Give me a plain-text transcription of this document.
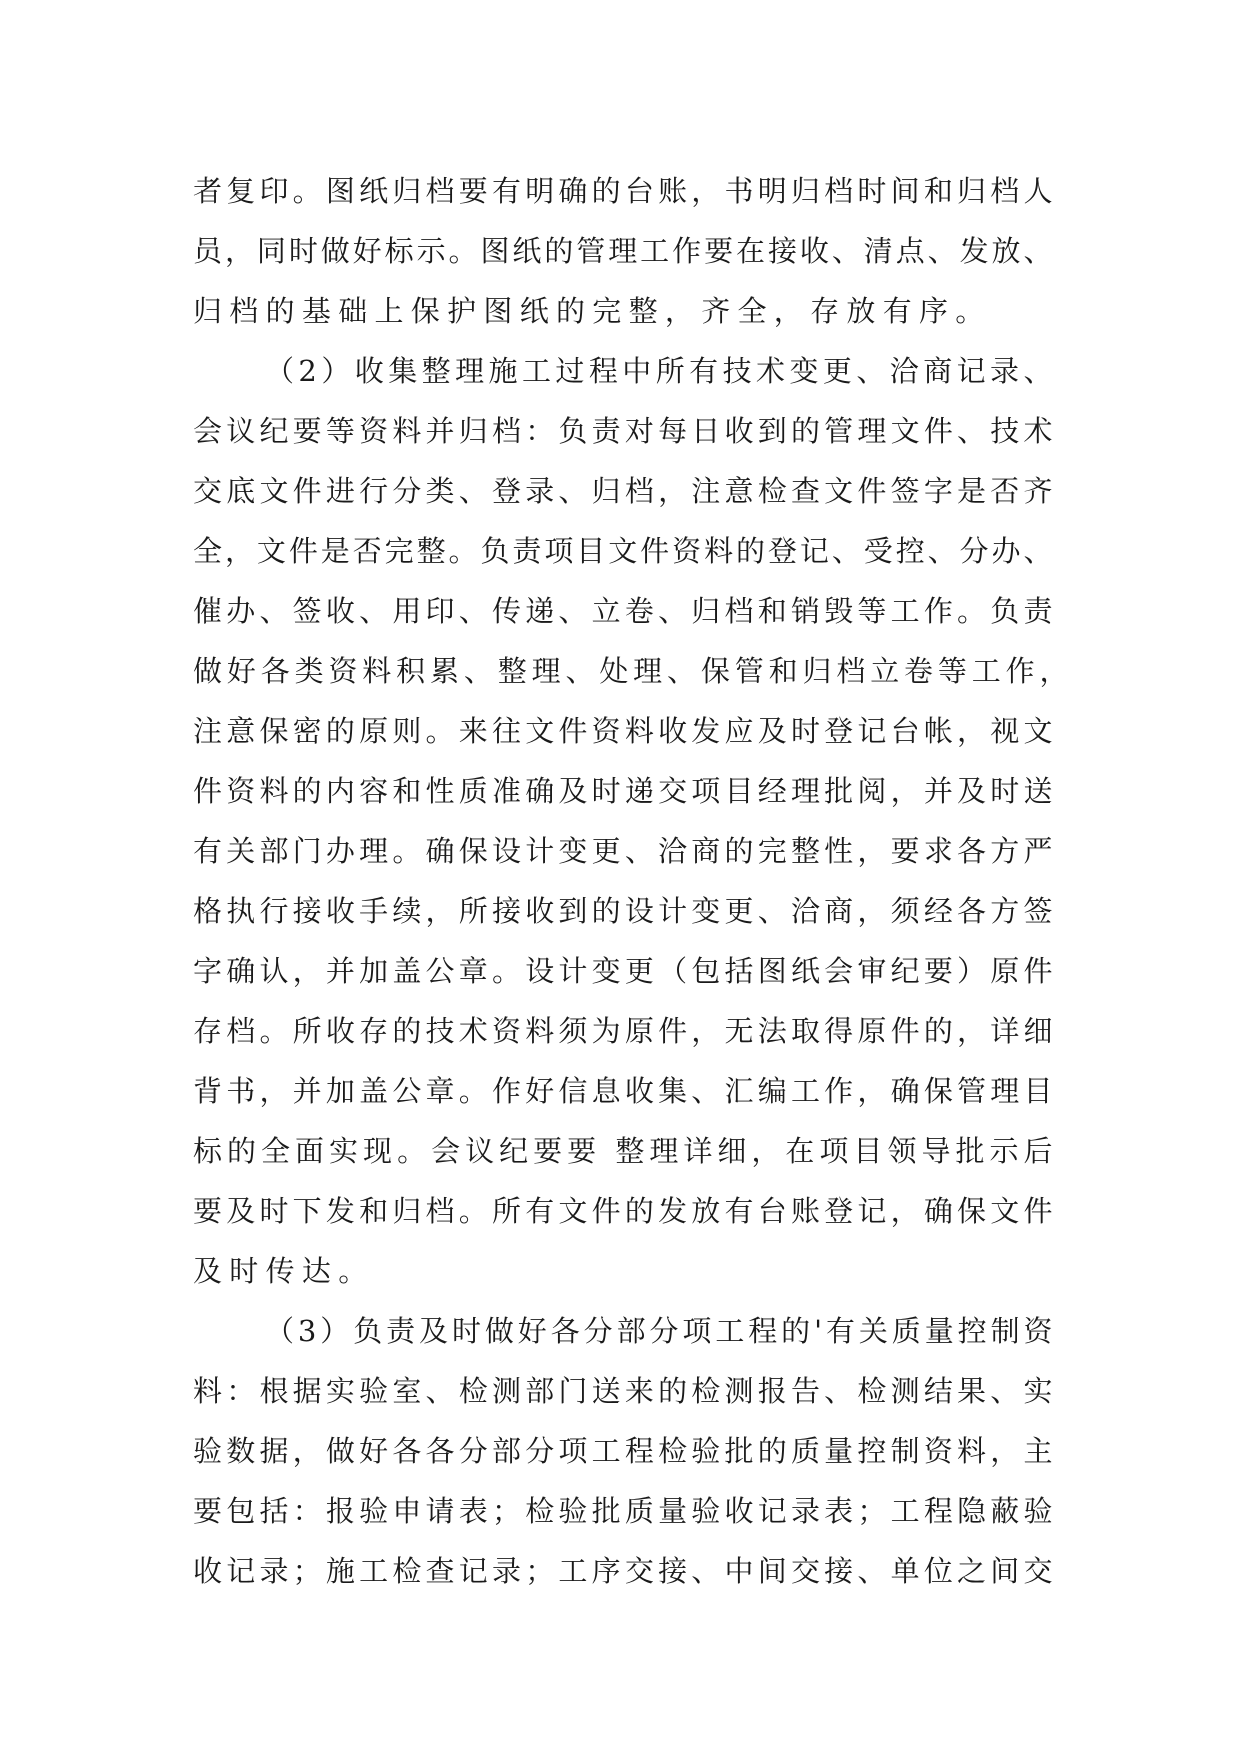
者复印。图纸归档要有明确的台账，书明归档时间和归档人
员，同时做好标示。图纸的管理工作要在接收、清点、发放、
归档的基础上保护图纸的完整，齐全，存放有序。
（2）收集整理施工过程中所有技术变更、洽商记录、
会议纪要等资料并归档：负责对每日收到的管理文件、技术
交底文件进行分类、登录、归档，注意检查文件签字是否齐
全，文件是否完整。负责项目文件资料的登记、受控、分办、
催办、签收、用印、传递、立卷、归档和销毁等工作。负责
做好各类资料积累、整理、处理、保管和归档立卷等工作，
注意保密的原则。来往文件资料收发应及时登记台帐，视文
件资料的内容和性质准确及时递交项目经理批阅，并及时送
有关部门办理。确保设计变更、洽商的完整性，要求各方严
格执行接收手续，所接收到的设计变更、洽商，须经各方签
字确认，并加盖公章。设计变更（包括图纸会审纪要）原件
存档。所收存的技术资料须为原件，无法取得原件的，详细
背书，并加盖公章。作好信息收集、汇编工作，确保管理目
标的全面实现。会议纪要要 整理详细，在项目领导批示后
要及时下发和归档。所有文件的发放有台账登记，确保文件
及时传达。
（3）负责及时做好各分部分项工程的'有关质量控制资
料：根据实验室、检测部门送来的检测报告、检测结果、实
验数据，做好各各分部分项工程检验批的质量控制资料，主
要包括：报验申请表；检验批质量验收记录表；工程隐蔽验
收记录；施工检查记录；工序交接、中间交接、单位之间交
